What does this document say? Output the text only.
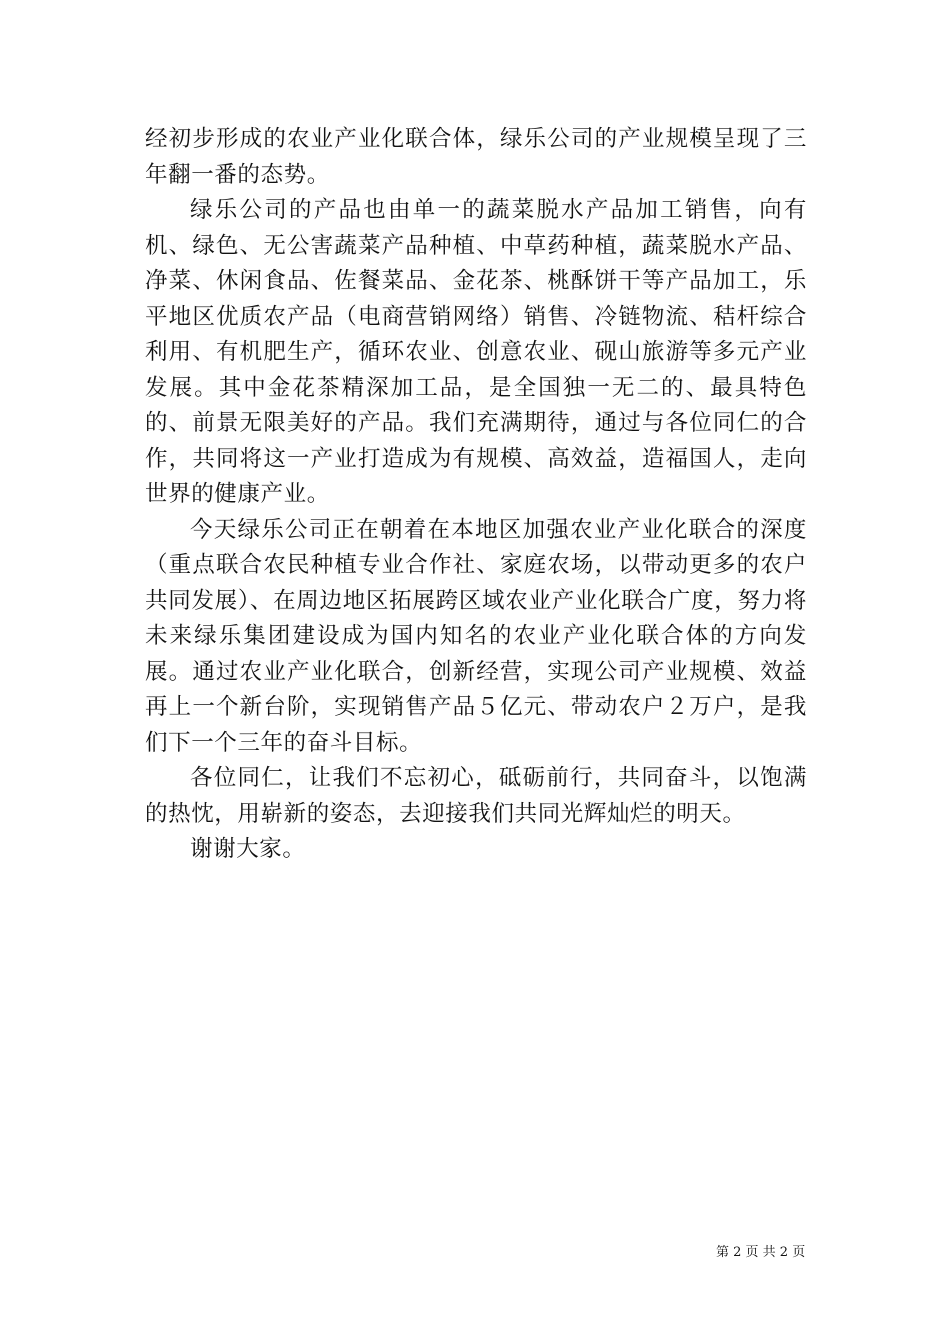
经初步形成的农业产业化联合体，绿乐公司的产业规模呈现了三年翻一番的态势。

绿乐公司的产品也由单一的蔬菜脱水产品加工销售，向有机、绿色、无公害蔬菜产品种植、中草药种植，蔬菜脱水产品、净菜、休闲食品、佐餐菜品、金花茶、桃酥饼干等产品加工，乐平地区优质农产品（电商营销网络）销售、冷链物流、秸杆综合利用、有机肥生产，循环农业、创意农业、砚山旅游等多元产业发展。其中金花茶精深加工品，是全国独一无二的、最具特色的、前景无限美好的产品。我们充满期待，通过与各位同仁的合作，共同将这一产业打造成为有规模、高效益，造福国人，走向世界的健康产业。

今天绿乐公司正在朝着在本地区加强农业产业化联合的深度（重点联合农民种植专业合作社、家庭农场，以带动更多的农户共同发展）、在周边地区拓展跨区域农业产业化联合广度，努力将未来绿乐集团建设成为国内知名的农业产业化联合体的方向发展。通过农业产业化联合，创新经营，实现公司产业规模、效益再上一个新台阶，实现销售产品５亿元、带动农户２万户，是我们下一个三年的奋斗目标。

各位同仁，让我们不忘初心，砥砺前行，共同奋斗，以饱满的热忱，用崭新的姿态，去迎接我们共同光辉灿烂的明天。

谢谢大家。

第 2 页 共 2 页
